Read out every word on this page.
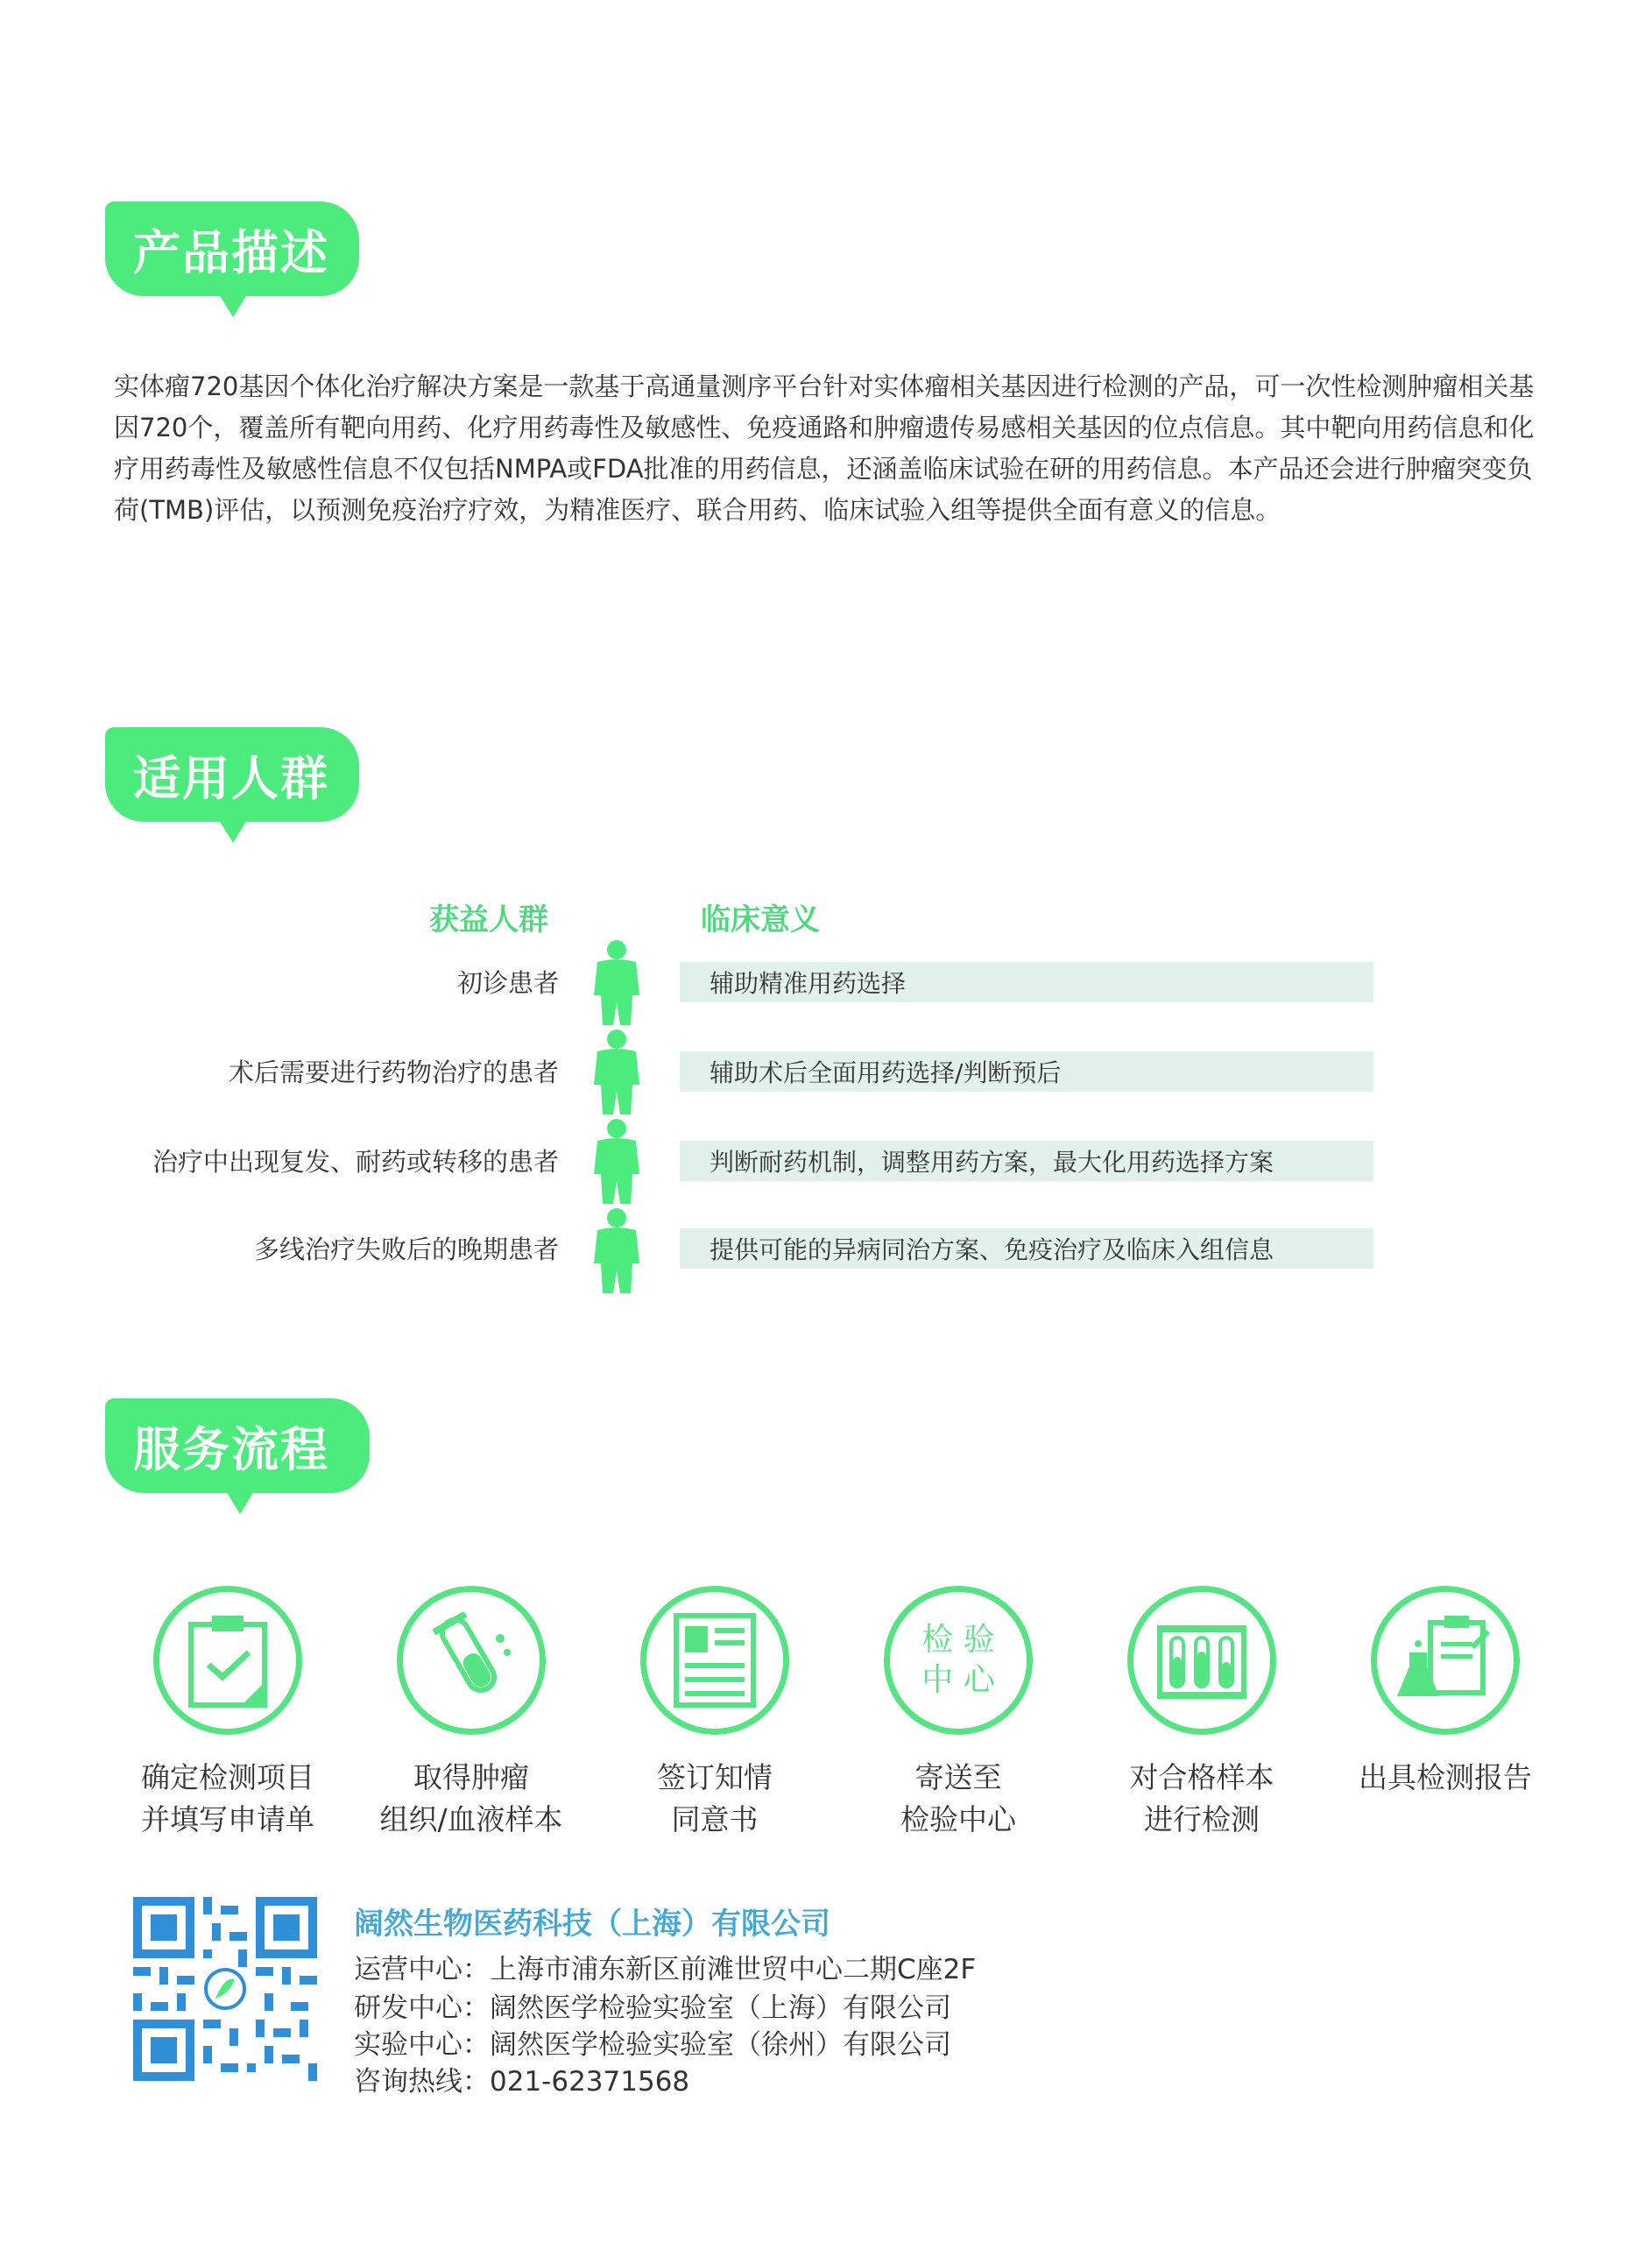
产品描述
实体瘤720基因个体化治疗解决方案是一款基于高通量测序平台针对实体瘤相关基因进行检测的产品，可一次性检测肿瘤相关基因720个，覆盖所有靶向用药、化疗用药毒性及敏感性、免疫通路和肿瘤遗传易感相关基因的位点信息。其中靶向用药信息和化疗用药毒性及敏感性信息不仅包括NMPA或FDA批准的用药信息，还涵盖临床试验在研的用药信息。本产品还会进行肿瘤突变负荷(TMB)评估，以预测免疫治疗疗效，为精准医疗、联合用药、临床试验入组等提供全面有意义的信息。
适用人群
获益人群	临床意义
初诊患者	辅助精准用药选择
术后需要进行药物治疗的患者	辅助术后全面用药选择/判断预后
治疗中出现复发、耐药或转移的患者	判断耐药机制，调整用药方案，最大化用药选择方案
多线治疗失败后的晚期患者	提供可能的异病同治方案、免疫治疗及临床入组信息
服务流程
确定检测项目
并填写申请单
取得肿瘤
组织/血液样本
签订知情
同意书
检 验
中 心
寄送至
检验中心
对合格样本
进行检测
出具检测报告
阔然生物医药科技（上海）有限公司
运营中心：上海市浦东新区前滩世贸中心二期C座2F
研发中心：阔然医学检验实验室（上海）有限公司
实验中心：阔然医学检验实验室（徐州）有限公司
咨询热线：021-62371568
